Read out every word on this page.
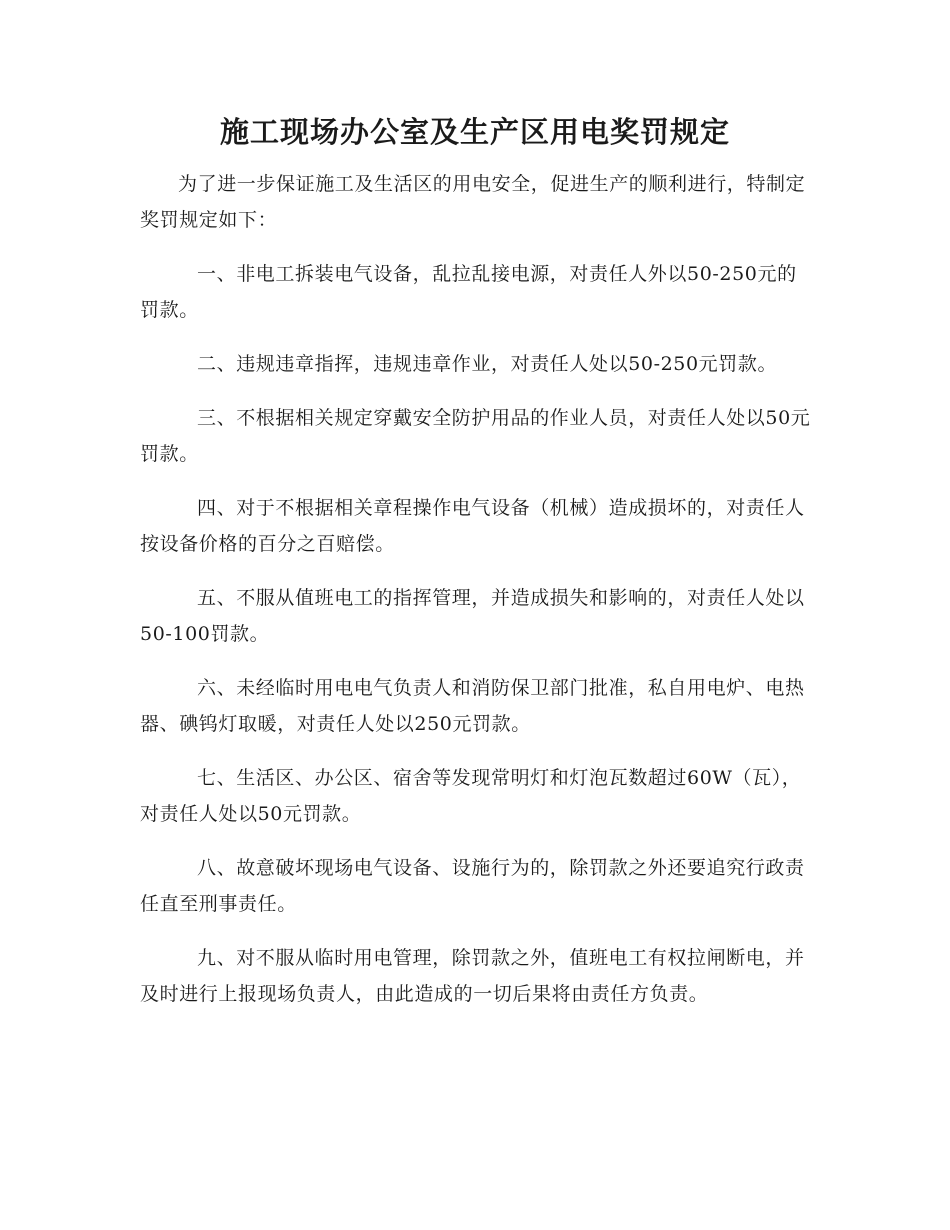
施工现场办公室及生产区用电奖罚规定

为了进一步保证施工及生活区的用电安全，促进生产的顺利进行，特制定奖罚规定如下：

一、非电工拆装电气设备，乱拉乱接电源，对责任人外以50-250元的罚款。

二、违规违章指挥，违规违章作业，对责任人处以50-250元罚款。

三、不根据相关规定穿戴安全防护用品的作业人员，对责任人处以50元罚款。

四、对于不根据相关章程操作电气设备（机械）造成损坏的，对责任人按设备价格的百分之百赔偿。

五、不服从值班电工的指挥管理，并造成损失和影响的，对责任人处以50-100罚款。

六、未经临时用电电气负责人和消防保卫部门批准，私自用电炉、电热器、碘钨灯取暖，对责任人处以250元罚款。

七、生活区、办公区、宿舍等发现常明灯和灯泡瓦数超过60W（瓦），对责任人处以50元罚款。

八、故意破坏现场电气设备、设施行为的，除罚款之外还要追究行政责任直至刑事责任。

九、对不服从临时用电管理，除罚款之外，值班电工有权拉闸断电，并及时进行上报现场负责人，由此造成的一切后果将由责任方负责。
